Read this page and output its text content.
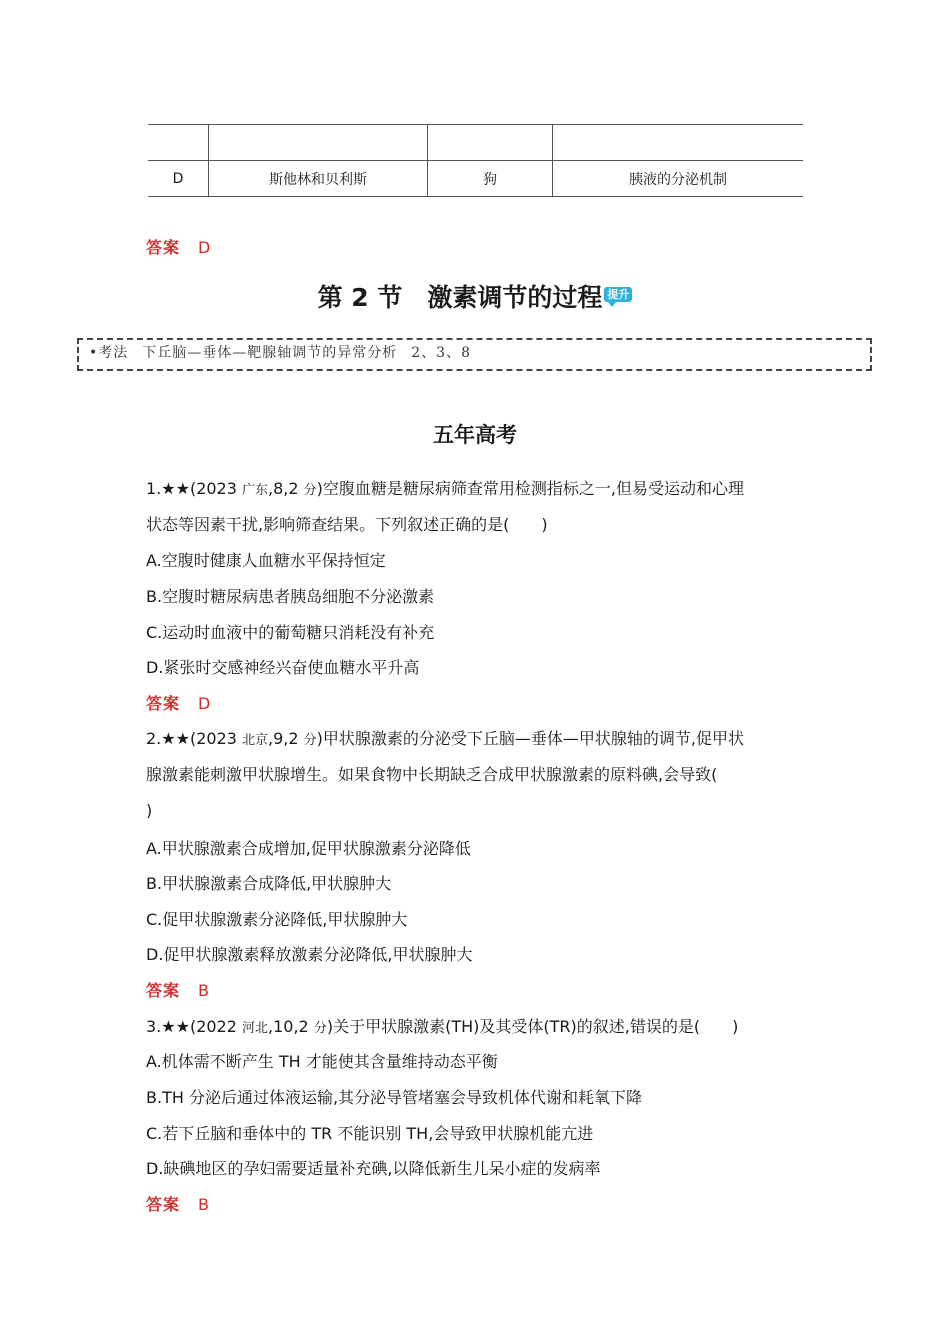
D	斯他林和贝利斯	狗	胰液的分泌机制
答案 D
第 2 节　激素调节的过程 提升
•考法 下丘脑—垂体—靶腺轴调节的异常分析 2、3、8
五年高考
1.★★(2023 广东,8,2 分)空腹血糖是糖尿病筛查常用检测指标之一,但易受运动和心理
状态等因素干扰,影响筛查结果。下列叙述正确的是(　　)
A.空腹时健康人血糖水平保持恒定
B.空腹时糖尿病患者胰岛细胞不分泌激素
C.运动时血液中的葡萄糖只消耗没有补充
D.紧张时交感神经兴奋使血糖水平升高
答案 D
2.★★(2023 北京,9,2 分)甲状腺激素的分泌受下丘脑—垂体—甲状腺轴的调节,促甲状
腺激素能刺激甲状腺增生。如果食物中长期缺乏合成甲状腺激素的原料碘,会导致(
)
A.甲状腺激素合成增加,促甲状腺激素分泌降低
B.甲状腺激素合成降低,甲状腺肿大
C.促甲状腺激素分泌降低,甲状腺肿大
D.促甲状腺激素释放激素分泌降低,甲状腺肿大
答案 B
3.★★(2022 河北,10,2 分)关于甲状腺激素(TH)及其受体(TR)的叙述,错误的是(　　)
A.机体需不断产生 TH 才能使其含量维持动态平衡
B.TH 分泌后通过体液运输,其分泌导管堵塞会导致机体代谢和耗氧下降
C.若下丘脑和垂体中的 TR 不能识别 TH,会导致甲状腺机能亢进
D.缺碘地区的孕妇需要适量补充碘,以降低新生儿呆小症的发病率
答案 B
